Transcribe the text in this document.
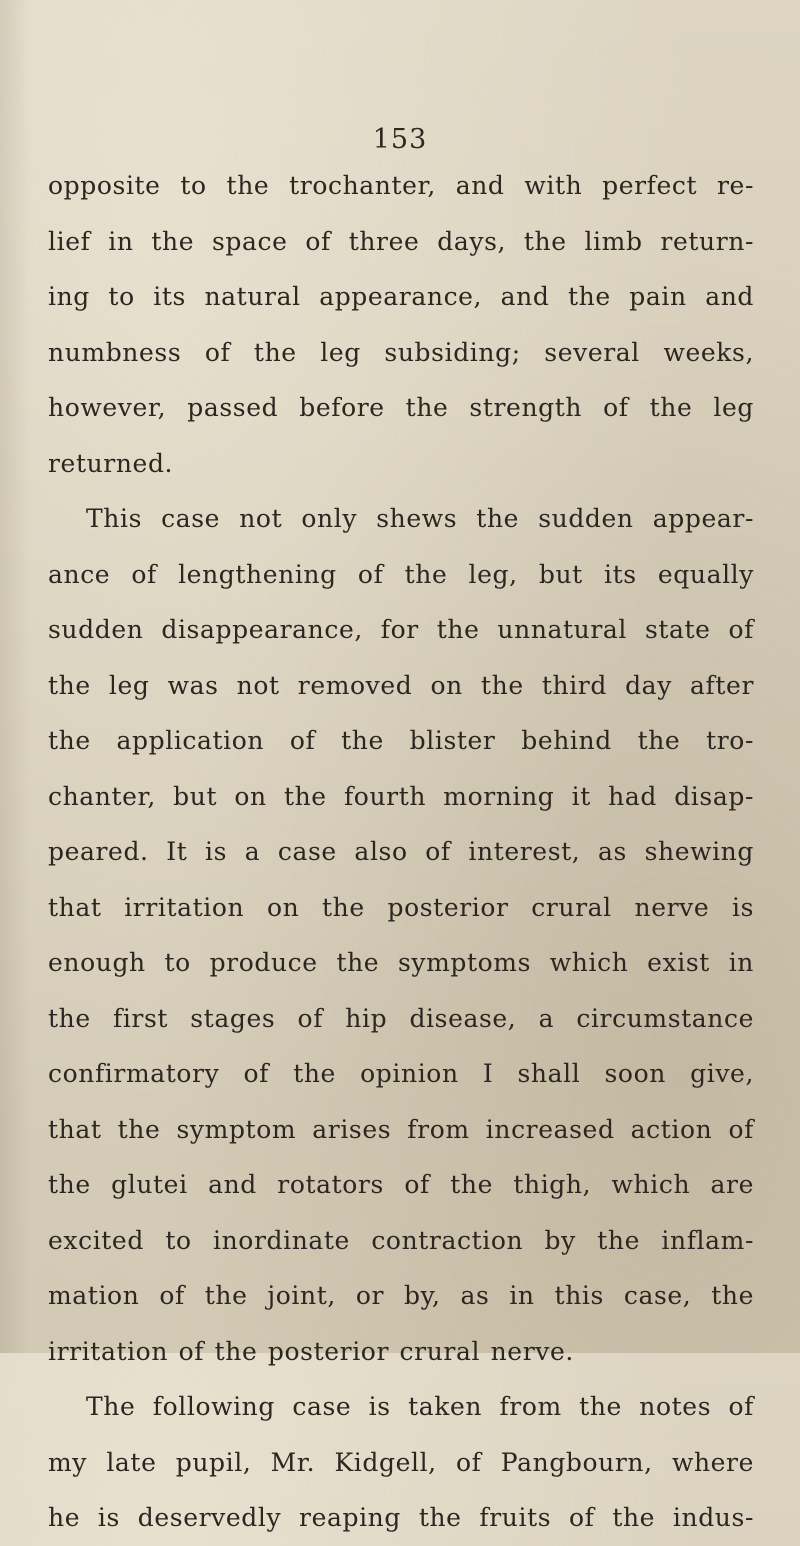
153
opposite to the trochanter, and with perfect re-
lief in the space of three days, the limb return-
ing to its natural appearance, and the pain and
numbness of the leg subsiding; several weeks,
however, passed before the strength of the leg
returned.
This case not only shews the sudden appear-
ance of lengthening of the leg, but its equally
sudden disappearance, for the unnatural state of
the leg was not removed on the third day after
the application of the blister behind the tro-
chanter, but on the fourth morning it had disap-
peared. It is a case also of interest, as shewing
that irritation on the posterior crural nerve is
enough to produce the symptoms which exist in
the first stages of hip disease, a circumstance
confirmatory of the opinion I shall soon give,
that the symptom arises from increased action of
the glutei and rotators of the thigh, which are
excited to inordinate contraction by the inflam-
mation of the joint, or by, as in this case, the
irritation of the posterior crural nerve.
The following case is taken from the notes of
my late pupil, Mr. Kidgell, of Pangbourn, where
he is deservedly reaping the fruits of the indus-
